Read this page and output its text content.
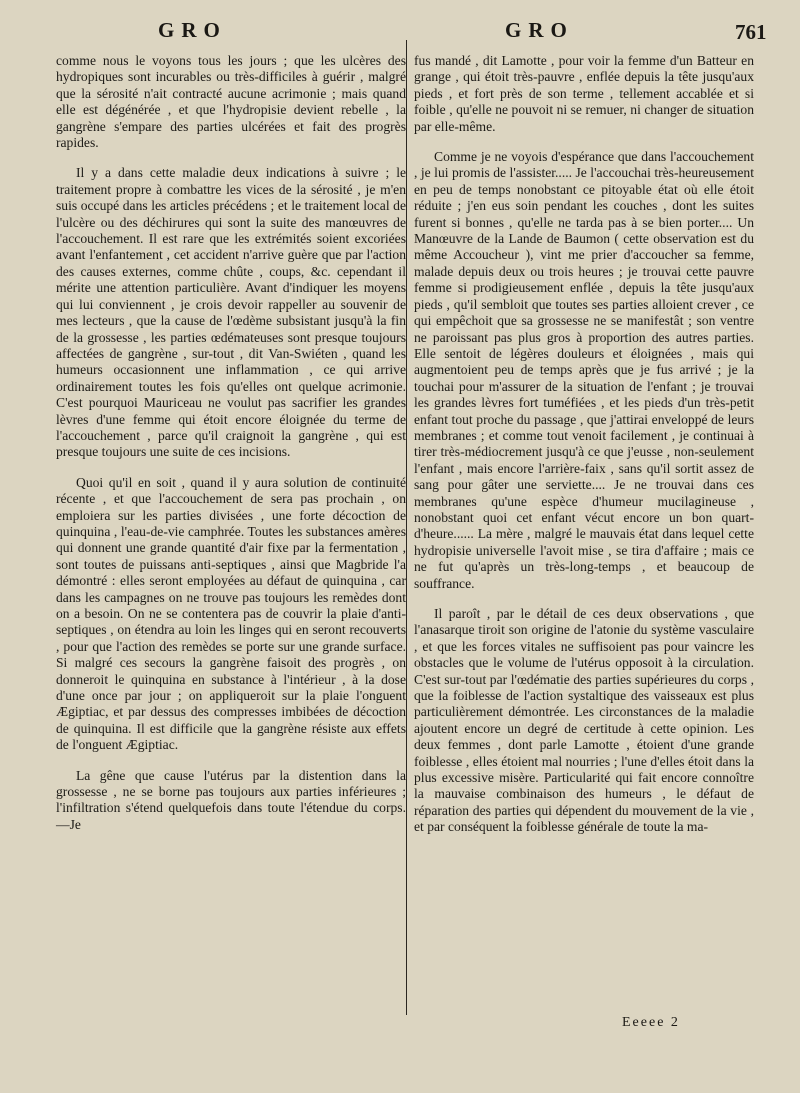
GRO	GRO	761

comme nous le voyons tous les jours ; que les ulcères des hydropiques sont incurables ou très-difficiles à guérir , malgré que la sérosité n'ait contracté aucune acrimonie ; mais quand elle est dégénérée , et que l'hydropisie devient rebelle , la gangrène s'empare des parties ulcérées et fait des progrès rapides.

Il y a dans cette maladie deux indications à suivre ; le traitement propre à combattre les vices de la sérosité , je m'en suis occupé dans les articles précédens ; et le traitement local de l'ulcère ou des déchirures qui sont la suite des manœuvres de l'accouchement. Il est rare que les extrémités soient excoriées avant l'enfantement , cet accident n'arrive guère que par l'action des causes externes, comme chûte , coups, &c. cependant il mérite une attention particulière. Avant d'indiquer les moyens qui lui conviennent , je crois devoir rappeller au souvenir de mes lecteurs , que la cause de l'œdème subsistant jusqu'à la fin de la grossesse , les parties œdémateuses sont presque toujours affectées de gangrène , sur-tout , dit Van-Swiéten , quand les humeurs occasionnent une inflammation , ce qui arrive ordinairement toutes les fois qu'elles ont quelque acrimonie. C'est pourquoi Mauriceau ne voulut pas sacrifier les grandes lèvres d'une femme qui étoit encore éloignée du terme de l'accouchement , parce qu'il craignoit la gangrène , qui est presque toujours une suite de ces incisions.

Quoi qu'il en soit , quand il y aura solution de continuité récente , et que l'accouchement de sera pas prochain , on emploiera sur les parties divisées , une forte décoction de quinquina , l'eau-de-vie camphrée. Toutes les substances amères qui donnent une grande quantité d'air fixe par la fermentation , sont toutes de puissans anti-septiques , ainsi que Magbride l'a démontré : elles seront employées au défaut de quinquina , car dans les campagnes on ne trouve pas toujours les remèdes dont on a besoin. On ne se contentera pas de couvrir la plaie d'anti-septiques , on étendra au loin les linges qui en seront recouverts , pour que l'action des remèdes se porte sur une grande surface. Si malgré ces secours la gangrène faisoit des progrès , on donneroit le quinquina en substance à l'intérieur , à la dose d'une once par jour ; on appliqueroit sur la plaie l'onguent Ægiptiac, et par dessus des compresses imbibées de décoction de quinquina. Il est difficile que la gangrène résiste aux effets de l'onguent Ægiptiac.

La gêne que cause l'utérus par la distention dans la grossesse , ne se borne pas toujours aux parties inférieures ; l'infiltration s'étend quelquefois dans toute l'étendue du corps. —Je

fus mandé , dit Lamotte , pour voir la femme d'un Batteur en grange , qui étoit très-pauvre , enflée depuis la tête jusqu'aux pieds , et fort près de son terme , tellement accablée et si foible , qu'elle ne pouvoit ni se remuer, ni changer de situation par elle-même.

Comme je ne voyois d'espérance que dans l'accouchement , je lui promis de l'assister..... Je l'accouchai très-heureusement en peu de temps nonobstant ce pitoyable état où elle étoit réduite ; j'en eus soin pendant les couches , dont les suites furent si bonnes , qu'elle ne tarda pas à se bien porter.... Un Manœuvre de la Lande de Baumon ( cette observation est du même Accoucheur ), vint me prier d'accoucher sa femme, malade depuis deux ou trois heures ; je trouvai cette pauvre femme si prodigieusement enflée , depuis la tête jusqu'aux pieds , qu'il sembloit que toutes ses parties alloient crever , ce qui empêchoit que sa grossesse ne se manifestât ; son ventre ne paroissant pas plus gros à proportion des autres parties. Elle sentoit de légères douleurs et éloignées , mais qui augmentoient peu de temps après que je fus arrivé ; je la touchai pour m'assurer de la situation de l'enfant ; je trouvai les grandes lèvres fort tuméfiées , et les pieds d'un très-petit enfant tout proche du passage , que j'attirai enveloppé de leurs membranes ; et comme tout venoit facilement , je continuai à tirer très-médiocrement jusqu'à ce que j'eusse , non-seulement l'enfant , mais encore l'arrière-faix , sans qu'il sortit assez de sang pour gâter une serviette.... Je ne trouvai dans ces membranes qu'une espèce d'humeur mucilagineuse , nonobstant quoi cet enfant vécut encore un bon quart-d'heure...... La mère , malgré le mauvais état dans lequel cette hydropisie universelle l'avoit mise , se tira d'affaire ; mais ce ne fut qu'après un très-long-temps , et beaucoup de souffrance.

Il paroît , par le détail de ces deux observations , que l'anasarque tiroit son origine de l'atonie du système vasculaire , et que les forces vitales ne suffisoient pas pour vaincre les obstacles que le volume de l'utérus opposoit à la circulation. C'est sur-tout par l'œdématie des parties supérieures du corps , que la foiblesse de l'action systaltique des vaisseaux est plus particulièrement démontrée. Les circonstances de la maladie ajoutent encore un degré de certitude à cette opinion. Les deux femmes , dont parle Lamotte , étoient d'une grande foiblesse , elles étoient mal nourries ; l'une d'elles étoit dans la plus excessive misère. Particularité qui fait encore connoître la mauvaise combinaison des humeurs , le défaut de réparation des parties qui dépendent du mouvement de la vie , et par conséquent la foiblesse générale de toute la ma-

Eeeee 2
